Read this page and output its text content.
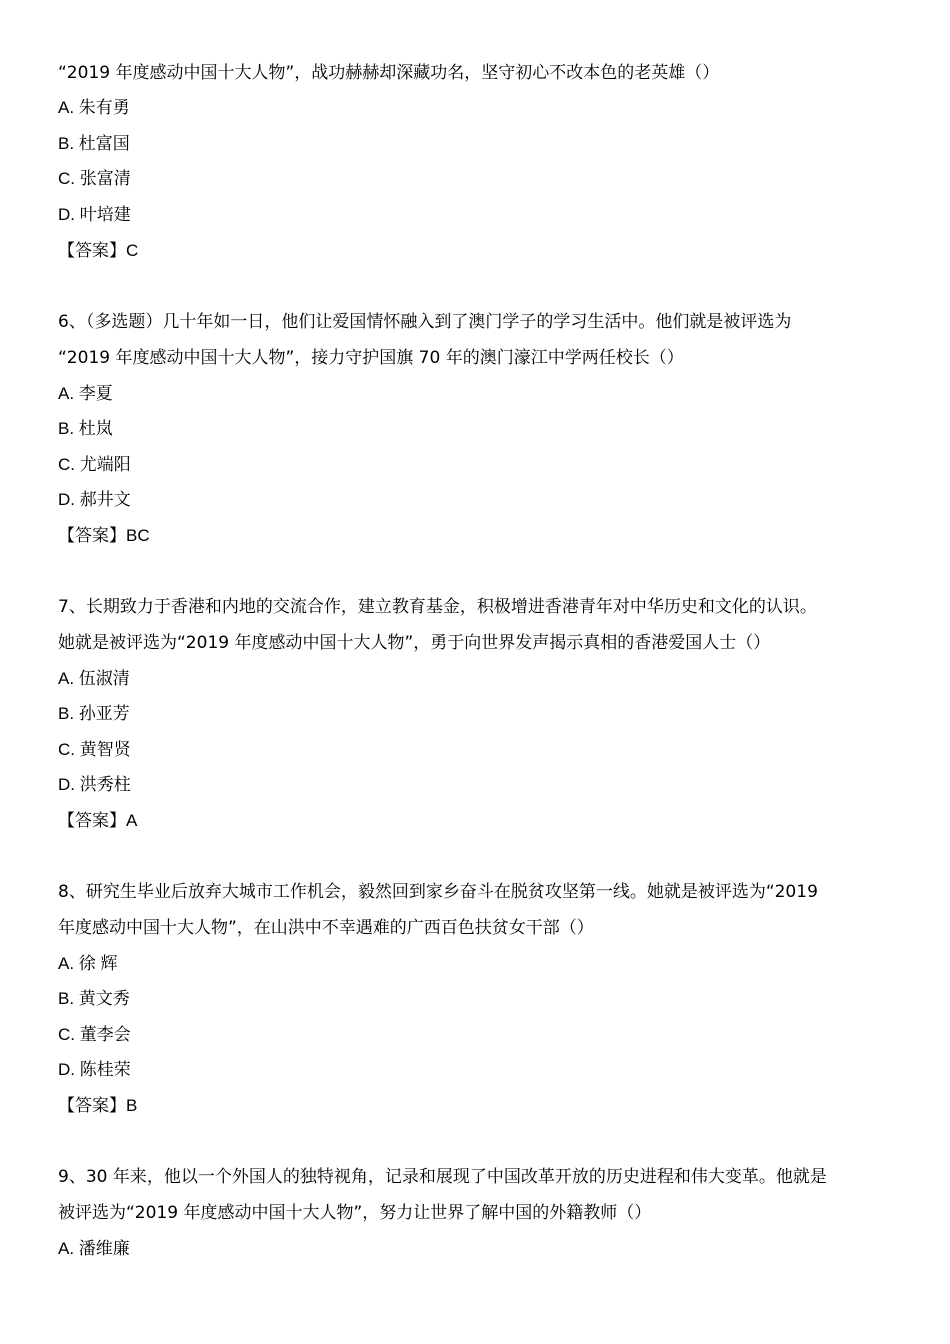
“2019 年度感动中国十大人物”，战功赫赫却深藏功名，坚守初心不改本色的老英雄（）
A. 朱有勇
B. 杜富国
C. 张富清
D. 叶培建
【答案】C
6、（多选题）几十年如一日，他们让爱国情怀融入到了澳门学子的学习生活中。他们就是被评选为
“2019 年度感动中国十大人物”，接力守护国旗 70 年的澳门濠江中学两任校长（）
A. 李夏
B. 杜岚
C. 尤端阳
D. 郝井文
【答案】BC
7、长期致力于香港和内地的交流合作，建立教育基金，积极增进香港青年对中华历史和文化的认识。
她就是被评选为“2019 年度感动中国十大人物”，勇于向世界发声揭示真相的香港爱国人士（）
A. 伍淑清
B. 孙亚芳
C. 黄智贤
D. 洪秀柱
【答案】A
8、研究生毕业后放弃大城市工作机会，毅然回到家乡奋斗在脱贫攻坚第一线。她就是被评选为“2019
年度感动中国十大人物”，在山洪中不幸遇难的广西百色扶贫女干部（）
A. 徐 辉
B. 黄文秀
C. 董李会
D. 陈桂荣
【答案】B
9、30 年来，他以一个外国人的独特视角，记录和展现了中国改革开放的历史进程和伟大变革。他就是
被评选为“2019 年度感动中国十大人物”，努力让世界了解中国的外籍教师（）
A. 潘维廉
